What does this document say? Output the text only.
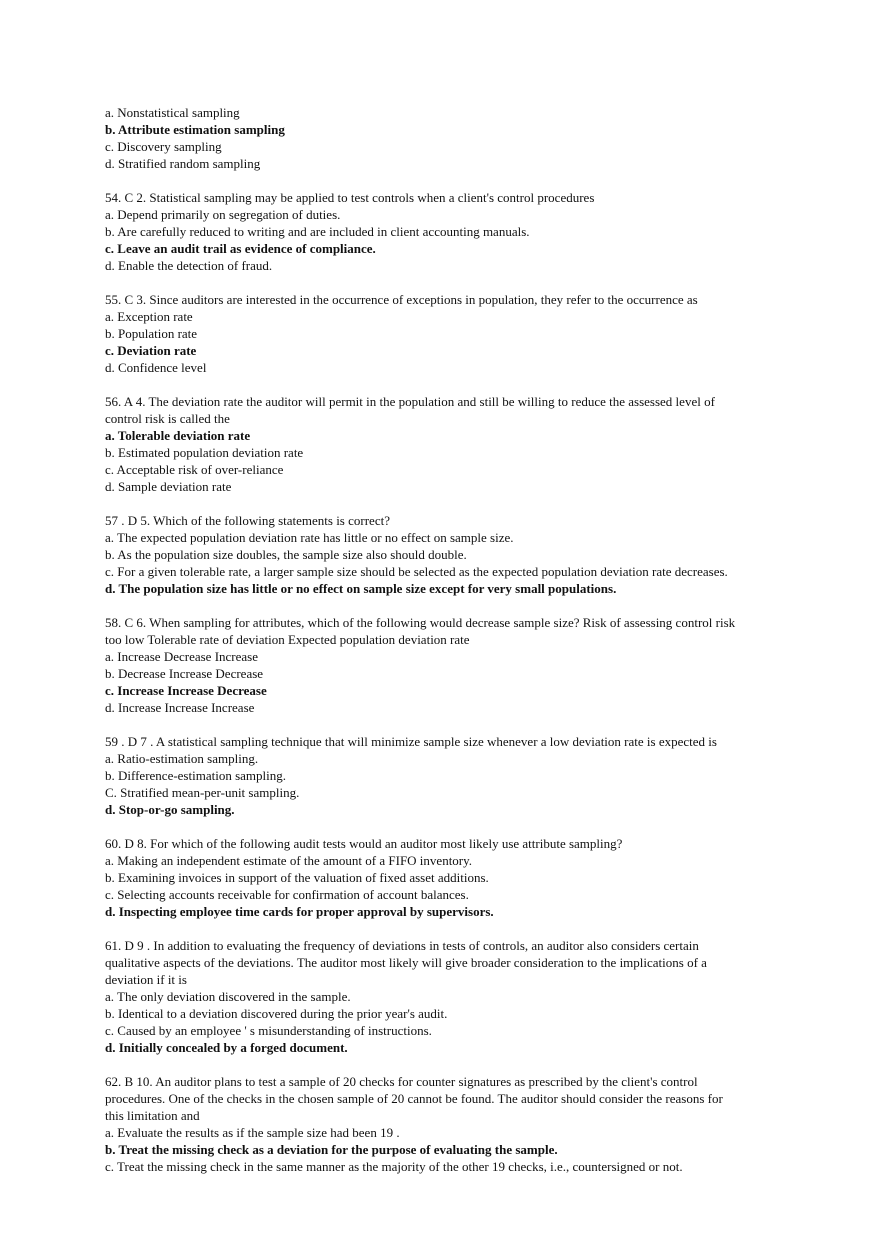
a. Nonstatistical sampling
b. Attribute estimation sampling
c. Discovery sampling
d. Stratified random sampling
54. C 2. Statistical sampling may be applied to test controls when a client's control procedures
a. Depend primarily on segregation of duties.
b. Are carefully reduced to writing and are included in client accounting manuals.
c. Leave an audit trail as evidence of compliance.
d. Enable the detection of fraud.
55. C 3. Since auditors are interested in the occurrence of exceptions in population, they refer to the occurrence as
a. Exception rate
b. Population rate
c. Deviation rate
d. Confidence level
56. A 4. The deviation rate the auditor will permit in the population and still be willing to reduce the assessed level of
control risk is called the
a. Tolerable deviation rate
b. Estimated population deviation rate
c. Acceptable risk of over-reliance
d. Sample deviation rate
57 . D 5. Which of the following statements is correct?
a. The expected population deviation rate has little or no effect on sample size.
b. As the population size doubles, the sample size also should double.
c. For a given tolerable rate, a larger sample size should be selected as the expected population deviation rate decreases.
d. The population size has little or no effect on sample size except for very small populations.
58. C 6. When sampling for attributes, which of the following would decrease sample size? Risk of assessing control risk
too low Tolerable rate of deviation Expected population deviation rate
a. Increase Decrease Increase
b. Decrease Increase Decrease
c. Increase Increase Decrease
d. Increase Increase Increase
59 . D 7 . A statistical sampling technique that will minimize sample size whenever a low deviation rate is expected is
a. Ratio-estimation sampling.
b. Difference-estimation sampling.
C. Stratified mean-per-unit sampling.
d. Stop-or-go sampling.
60. D 8. For which of the following audit tests would an auditor most likely use attribute sampling?
a. Making an independent estimate of the amount of a FIFO inventory.
b. Examining invoices in support of the valuation of fixed asset additions.
c. Selecting accounts receivable for confirmation of account balances.
d. Inspecting employee time cards for proper approval by supervisors.
61. D 9 . In addition to evaluating the frequency of deviations in tests of controls, an auditor also considers certain
qualitative aspects of the deviations. The auditor most likely will give broader consideration to the implications of a
deviation if it is
a. The only deviation discovered in the sample.
b. Identical to a deviation discovered during the prior year's audit.
c. Caused by an employee ' s misunderstanding of instructions.
d. Initially concealed by a forged document.
62. B 10. An auditor plans to test a sample of 20 checks for counter signatures as prescribed by the client's control
procedures. One of the checks in the chosen sample of 20 cannot be found. The auditor should consider the reasons for
this limitation and
a. Evaluate the results as if the sample size had been 19 .
b. Treat the missing check as a deviation for the purpose of evaluating the sample.
c. Treat the missing check in the same manner as the majority of the other 19 checks, i.e., countersigned or not.
